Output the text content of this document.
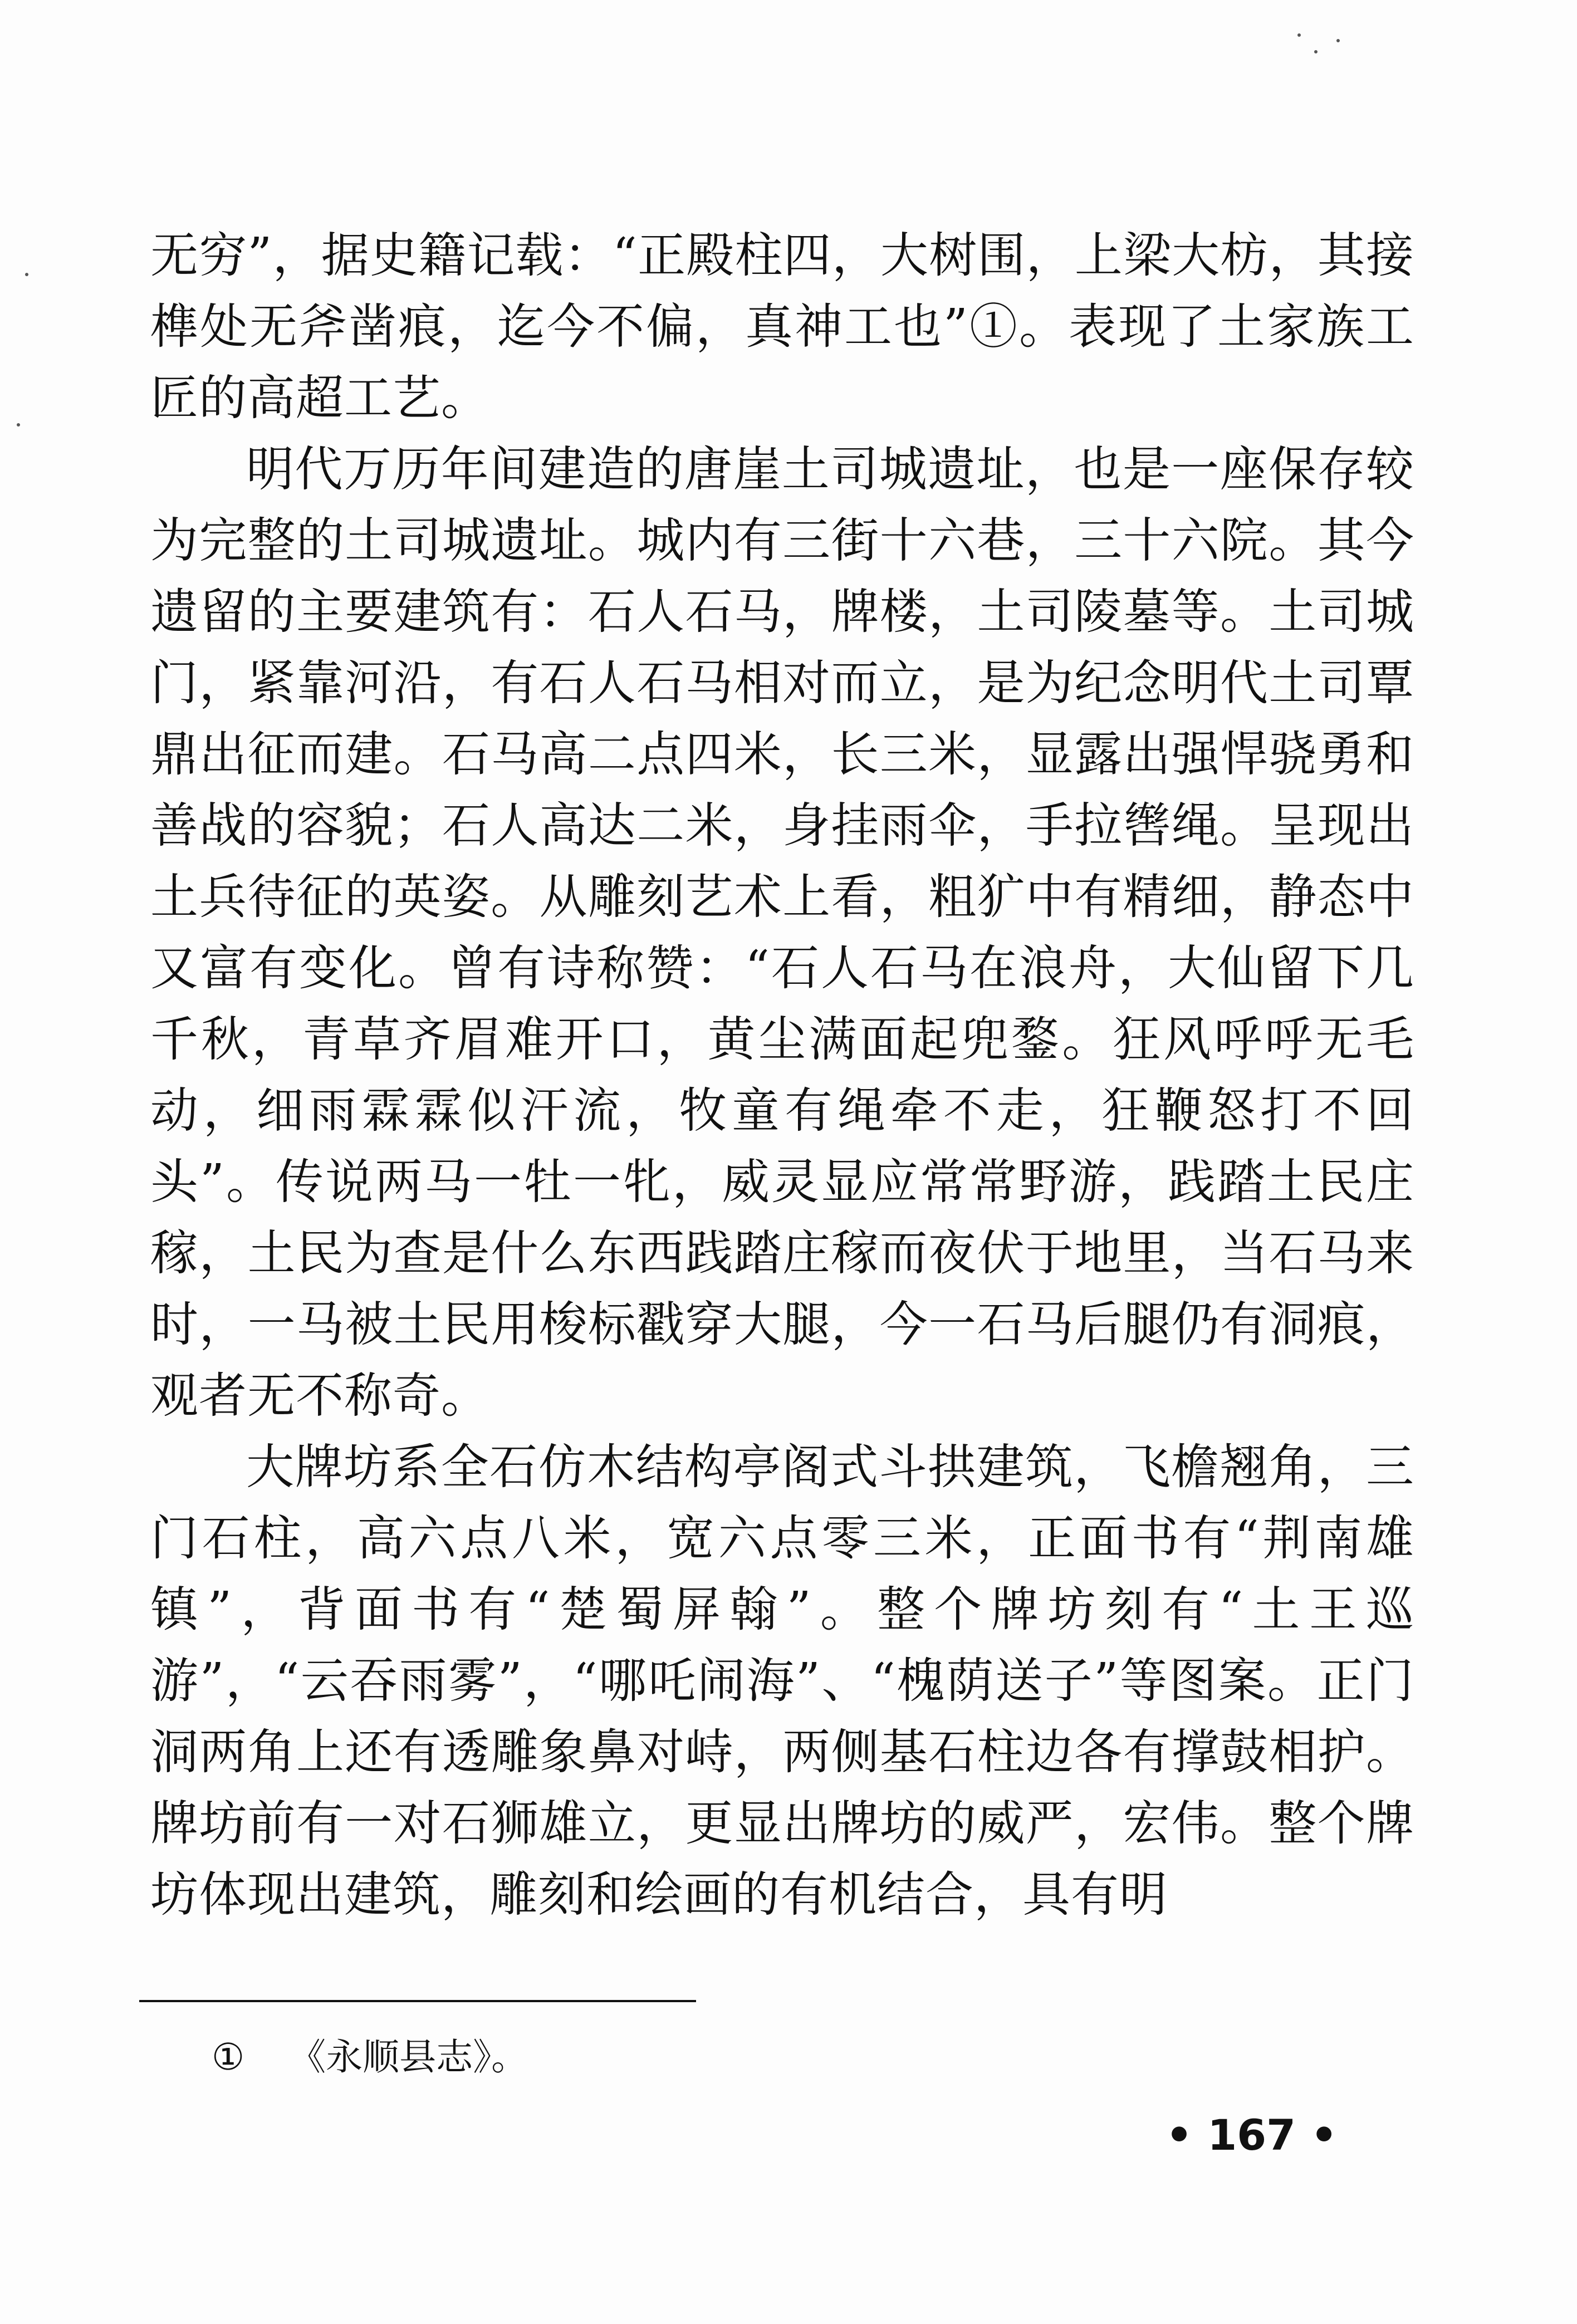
无穷”，据史籍记载：“正殿柱四，大树围，上梁大枋，其接榫处无斧凿痕，迄今不偏，真神工也”①。表现了土家族工匠的高超工艺。

明代万历年间建造的唐崖土司城遗址，也是一座保存较为完整的土司城遗址。城内有三街十六巷，三十六院。其今遗留的主要建筑有：石人石马，牌楼，土司陵墓等。土司城门，紧靠河沿，有石人石马相对而立，是为纪念明代土司覃鼎出征而建。石马高二点四米，长三米，显露出强悍骁勇和善战的容貌；石人高达二米，身挂雨伞，手拉辔绳。呈现出土兵待征的英姿。从雕刻艺术上看，粗犷中有精细，静态中又富有变化。曾有诗称赞：“石人石马在浪舟，大仙留下几千秋，青草齐眉难开口，黄尘满面起兜鍪。狂风呼呼无毛动，细雨霖霖似汗流，牧童有绳牵不走，狂鞭怒打不回头”。传说两马一牡一牝，威灵显应常常野游，践踏土民庄稼，土民为查是什么东西践踏庄稼而夜伏于地里，当石马来时，一马被土民用梭标戳穿大腿，今一石马后腿仍有洞痕，观者无不称奇。

大牌坊系全石仿木结构亭阁式斗拱建筑，飞檐翘角，三门石柱，高六点八米，宽六点零三米，正面书有“荆南雄镇”，背面书有“楚蜀屏翰”。整个牌坊刻有“土王巡游”，“云吞雨雾”，“哪吒闹海”、“槐荫送子”等图案。正门洞两角上还有透雕象鼻对峙，两侧基石柱边各有撑鼓相护。牌坊前有一对石狮雄立，更显出牌坊的威严，宏伟。整个牌坊体现出建筑，雕刻和绘画的有机结合，具有明

① 《永顺县志》。
• 167 •
